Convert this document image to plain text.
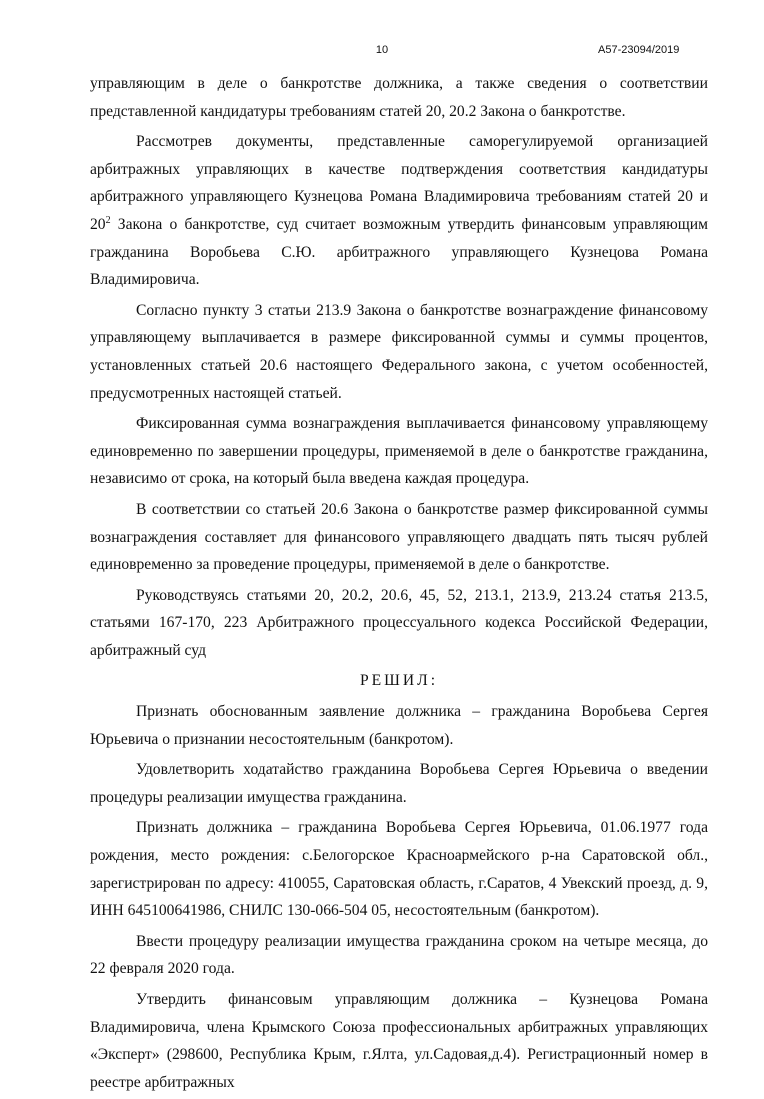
10	А57-23094/2019

управляющим в деле о банкротстве должника, а также сведения о соответствии представленной кандидатуры требованиям статей 20, 20.2 Закона о банкротстве.

Рассмотрев документы, представленные саморегулируемой организацией арбитражных управляющих в качестве подтверждения соответствия кандидатуры арбитражного управляющего Кузнецова Романа Владимировича требованиям статей 20 и $20^2$ Закона о банкротстве, суд считает возможным утвердить финансовым управляющим гражданина Воробьева С.Ю. арбитражного управляющего Кузнецова Романа Владимировича.

Согласно пункту 3 статьи 213.9 Закона о банкротстве вознаграждение финансовому управляющему выплачивается в размере фиксированной суммы и суммы процентов, установленных статьей 20.6 настоящего Федерального закона, с учетом особенностей, предусмотренных настоящей статьей.

Фиксированная сумма вознаграждения выплачивается финансовому управляющему единовременно по завершении процедуры, применяемой в деле о банкротстве гражданина, независимо от срока, на который была введена каждая процедура.

В соответствии со статьей 20.6 Закона о банкротстве размер фиксированной суммы вознаграждения составляет для финансового управляющего двадцать пять тысяч рублей единовременно за проведение процедуры, применяемой в деле о банкротстве.

Руководствуясь статьями 20, 20.2, 20.6, 45, 52, 213.1, 213.9, 213.24 статья 213.5, статьями 167-170, 223 Арбитражного процессуального кодекса Российской Федерации, арбитражный суд

РЕШИЛ:

Признать обоснованным заявление должника – гражданина Воробьева Сергея Юрьевича о признании несостоятельным (банкротом).

Удовлетворить ходатайство гражданина Воробьева Сергея Юрьевича о введении процедуры реализации имущества гражданина.

Признать должника – гражданина Воробьева Сергея Юрьевича, 01.06.1977 года рождения, место рождения: с.Белогорское Красноармейского р-на Саратовской обл., зарегистрирован по адресу: 410055, Саратовская область, г.Саратов, 4 Увекский проезд, д. 9, ИНН 645100641986, СНИЛС 130-066-504 05, несостоятельным (банкротом).

Ввести процедуру реализации имущества гражданина сроком на четыре месяца, до 22 февраля 2020 года.

Утвердить финансовым управляющим должника – Кузнецова Романа Владимировича, члена Крымского Союза профессиональных арбитражных управляющих «Эксперт» (298600, Республика Крым, г.Ялта, ул.Садовая,д.4). Регистрационный номер в реестре арбитражных
